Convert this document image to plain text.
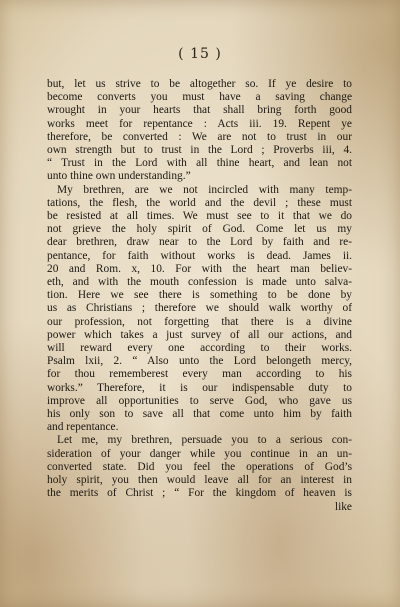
( 15 )
but, let us strive to be altogether so. If ye desire to
become converts you must have a saving change
wrought in your hearts that shall bring forth good
works meet for repentance : Acts iii. 19. Repent ye
therefore, be converted : We are not to trust in our
own strength but to trust in the Lord ; Proverbs iii, 4.
“ Trust in the Lord with all thine heart, and lean not
unto thine own understanding.”
My brethren, are we not incircled with many temp-
tations, the flesh, the world and the devil ; these must
be resisted at all times. We must see to it that we do
not grieve the holy spirit of God. Come let us my
dear brethren, draw near to the Lord by faith and re-
pentance, for faith without works is dead. James ii.
20 and Rom. x, 10. For with the heart man believ-
eth, and with the mouth confession is made unto salva-
tion. Here we see there is something to be done by
us as Christians ; therefore we should walk worthy of
our profession, not forgetting that there is a divine
power which takes a just survey of all our actions, and
will reward every one according to their works.
Psalm lxii, 2. “ Also unto the Lord belongeth mercy,
for thou rememberest every man according to his
works.” Therefore, it is our indispensable duty to
improve all opportunities to serve God, who gave us
his only son to save all that come unto him by faith
and repentance.
Let me, my brethren, persuade you to a serious con-
sideration of your danger while you continue in an un-
converted state. Did you feel the operations of God’s
holy spirit, you then would leave all for an interest in
the merits of Christ ; “ For the kingdom of heaven is
like
